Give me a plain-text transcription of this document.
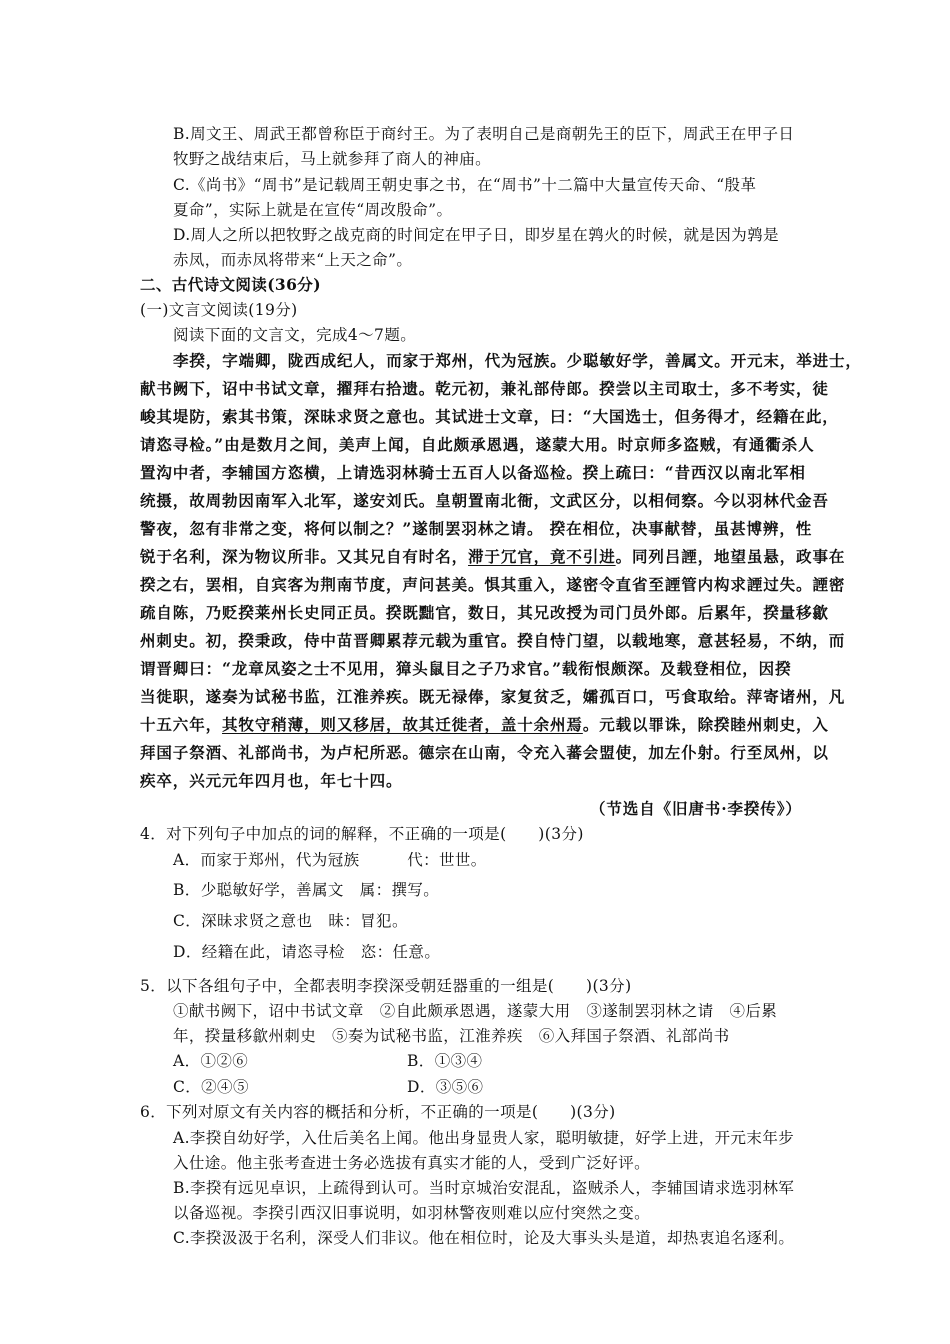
B.周文王、周武王都曾称臣于商纣王。为了表明自己是商朝先王的臣下，周武王在甲子日
牧野之战结束后，马上就参拜了商人的神庙。
C.《尚书》“周书”是记载周王朝史事之书，在“周书”十二篇中大量宣传天命、“殷革
夏命”，实际上就是在宣传“周改殷命”。
D.周人之所以把牧野之战克商的时间定在甲子日，即岁星在鹑火的时候，就是因为鹑是
赤凤，而赤凤将带来“上天之命”。
二、古代诗文阅读(36分)
(一)文言文阅读(19分)
阅读下面的文言文，完成4～7题。
李揆，字端卿，陇西成纪人，而家于郑州，代为冠族。少聪敏好学，善属文。开元末，举进士，
献书阙下，诏中书试文章，擢拜右拾遗。乾元初，兼礼部侍郎。揆尝以主司取士，多不考实，徒
峻其堤防，索其书策，深昧求贤之意也。其试进士文章，曰：“大国选士，但务得才，经籍在此，
请恣寻检。”由是数月之间，美声上闻，自此颇承恩遇，遂蒙大用。时京师多盗贼，有通衢杀人
置沟中者，李辅国方恣横，上请选羽林骑士五百人以备巡检。揆上疏曰：“昔西汉以南北军相
统摄，故周勃因南军入北军，遂安刘氏。皇朝置南北衙，文武区分，以相伺察。今以羽林代金吾
警夜，忽有非常之变，将何以制之？”遂制罢羽林之请。 揆在相位，决事献替，虽甚博辨，性
锐于名利，深为物议所非。又其兄自有时名，滞于冗官，竟不引进。同列吕諲，地望虽悬，政事在
揆之右，罢相，自宾客为荆南节度，声问甚美。惧其重入，遂密令直省至諲管内构求諲过失。諲密
疏自陈，乃贬揆莱州长史同正员。揆既黜官，数日，其兄改授为司门员外郎。后累年，揆量移歙
州刺史。初，揆秉政，侍中苗晋卿累荐元载为重官。揆自恃门望，以载地寒，意甚轻易，不纳，而
谓晋卿曰：“龙章凤姿之士不见用，獐头鼠目之子乃求官。”载衔恨颇深。及载登相位，因揆
当徙职，遂奏为试秘书监，江淮养疾。既无禄俸，家复贫乏，孀孤百口，丐食取给。萍寄诸州，凡
十五六年，其牧守稍薄，则又移居，故其迁徙者，盖十余州焉。元载以罪诛，除揆睦州刺史，入
拜国子祭酒、礼部尚书，为卢杞所恶。德宗在山南，令充入蕃会盟使，加左仆射。行至凤州，以
疾卒，兴元元年四月也，年七十四。
（节选自《旧唐书·李揆传》）
4．对下列句子中加点的词的解释，不正确的一项是(　　)(3分)
A．而家于郑州，代为冠族　　　代：世世。
B．少聪敏好学，善属文　属：撰写。
C．深昧求贤之意也　昧：冒犯。
D．经籍在此，请恣寻检　恣：任意。
5．以下各组句子中，全都表明李揆深受朝廷器重的一组是(　　)(3分)
①献书阙下，诏中书试文章　②自此颇承恩遇，遂蒙大用　③遂制罢羽林之请　④后累
年，揆量移歙州刺史　⑤奏为试秘书监，江淮养疾　⑥入拜国子祭酒、礼部尚书
A．①②⑥	B．①③④
C．②④⑤	D．③⑤⑥
6．下列对原文有关内容的概括和分析，不正确的一项是(　　)(3分)
A.李揆自幼好学，入仕后美名上闻。他出身显贵人家，聪明敏捷，好学上进，开元末年步
入仕途。他主张考查进士务必选拔有真实才能的人，受到广泛好评。
B.李揆有远见卓识，上疏得到认可。当时京城治安混乱，盗贼杀人，李辅国请求选羽林军
以备巡视。李揆引西汉旧事说明，如羽林警夜则难以应付突然之变。
C.李揆汲汲于名利，深受人们非议。他在相位时，论及大事头头是道，却热衷追名逐利。
